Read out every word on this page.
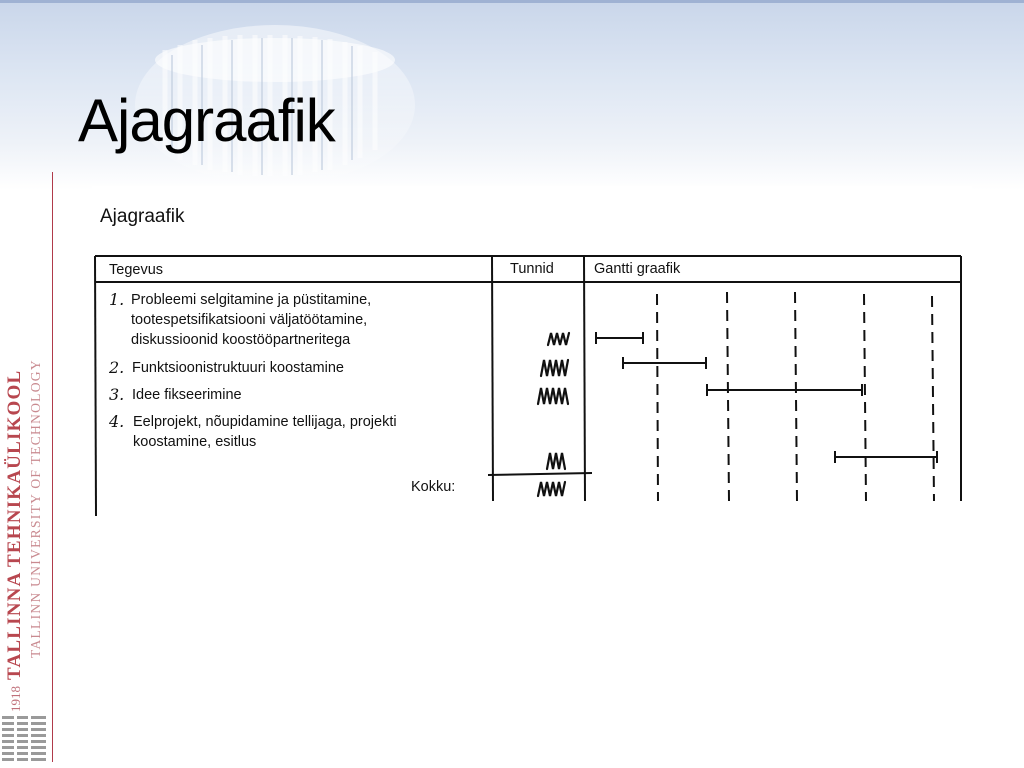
Ajagraafik
1918TALLINNA TEHNIKAÜLIKOOL TALLINN UNIVERSITY OF TECHNOLOGY
Ajagraafik
Tegevus	Tunnid	Gantti graafik
1. Probleemi selgitamine ja püstitamine,
tootespetsifikatsiooni väljatöötamine,
diskussioonid koostööpartneritega
2. Funktsioonistruktuuri koostamine
3. Idee fikseerimine
4. Eelprojekt, nõupidamine tellijaga, projekti
koostamine, esitlus
Kokku:
